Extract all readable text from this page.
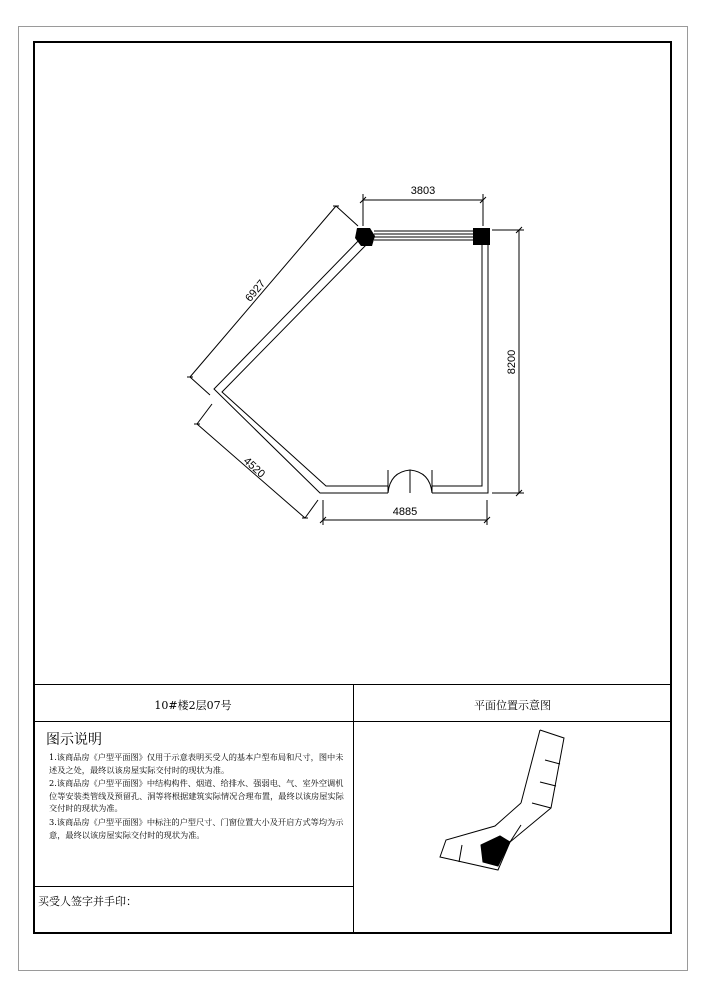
3803
8200
4885
6927
4520
10#楼2层07号	平面位置示意图
图示说明

1.该商品房《户型平面图》仅用于示意表明买受人的基本户型布局和尺寸，图中未述及之处，最终以该房屋实际交付时的现状为准。

2.该商品房《户型平面图》中结构构件、烟道、给排水、强弱电、气、室外空调机位等安装类管线及预留孔、洞等将根据建筑实际情况合理布置，最终以该房屋实际交付时的现状为准。

3.该商品房《户型平面图》中标注的户型尺寸、门窗位置大小及开启方式等均为示意，最终以该房屋实际交付时的现状为准。

买受人签字并手印：
